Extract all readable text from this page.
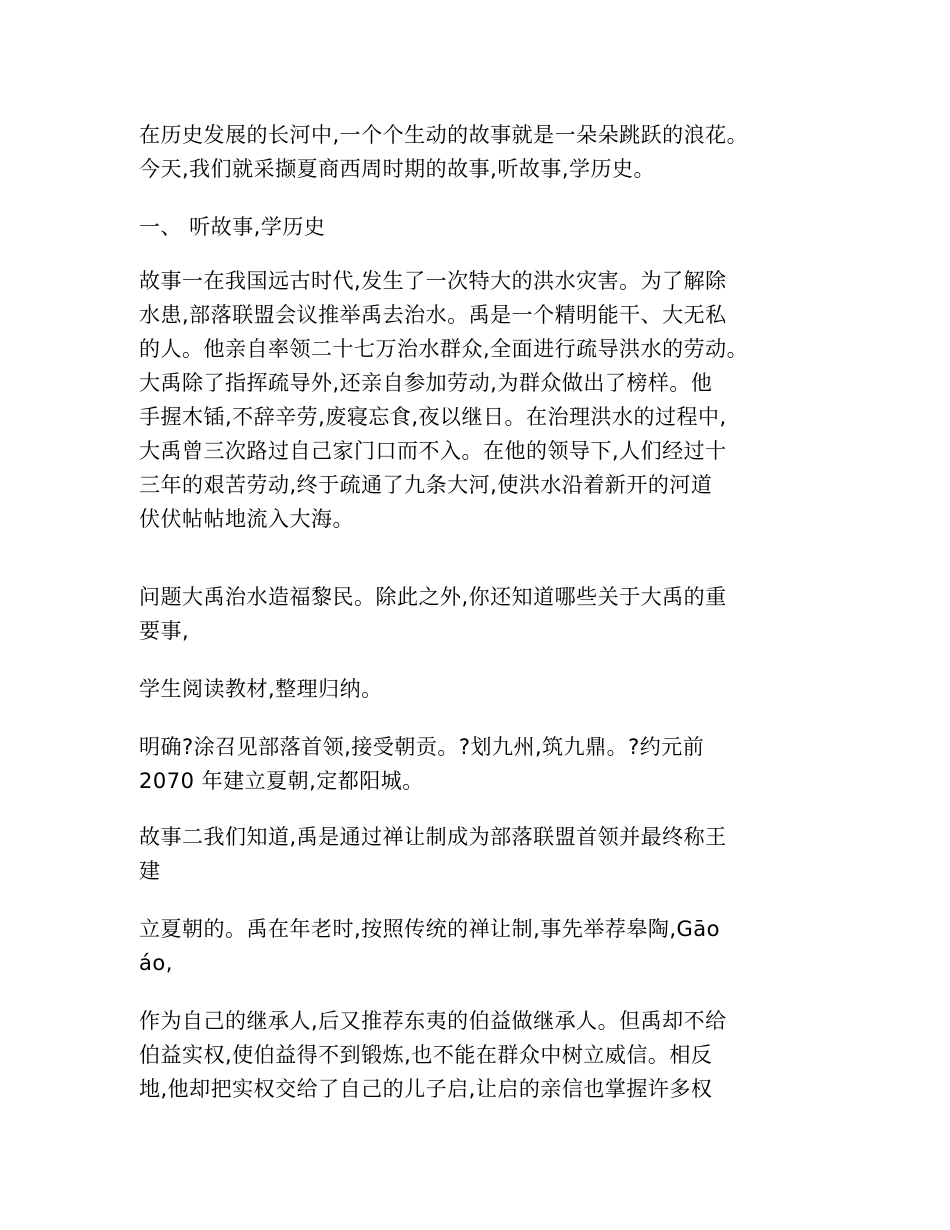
在历史发展的长河中,一个个生动的故事就是一朵朵跳跃的浪花。
今天,我们就采撷夏商西周时期的故事,听故事,学历史。
一、 听故事,学历史
故事一在我国远古时代,发生了一次特大的洪水灾害。为了解除
水患,部落联盟会议推举禹去治水。禹是一个精明能干、大无私
的人。他亲自率领二十七万治水群众,全面进行疏导洪水的劳动。
大禹除了指挥疏导外,还亲自参加劳动,为群众做出了榜样。他
手握木锸,不辞辛劳,废寝忘食,夜以继日。在治理洪水的过程中,
大禹曾三次路过自己家门口而不入。在他的领导下,人们经过十
三年的艰苦劳动,终于疏通了九条大河,使洪水沿着新开的河道
伏伏帖帖地流入大海。
问题大禹治水造福黎民。除此之外,你还知道哪些关于大禹的重
要事,
学生阅读教材,整理归纳。
明确?涂召见部落首领,接受朝贡。?划九州,筑九鼎。?约元前
2070 年建立夏朝,定都阳城。
故事二我们知道,禹是通过禅让制成为部落联盟首领并最终称王
建
立夏朝的。禹在年老时,按照传统的禅让制,事先举荐皋陶,Gāo
áo,
作为自己的继承人,后又推荐东夷的伯益做继承人。但禹却不给
伯益实权,使伯益得不到锻炼,也不能在群众中树立威信。相反
地,他却把实权交给了自己的儿子启,让启的亲信也掌握许多权
